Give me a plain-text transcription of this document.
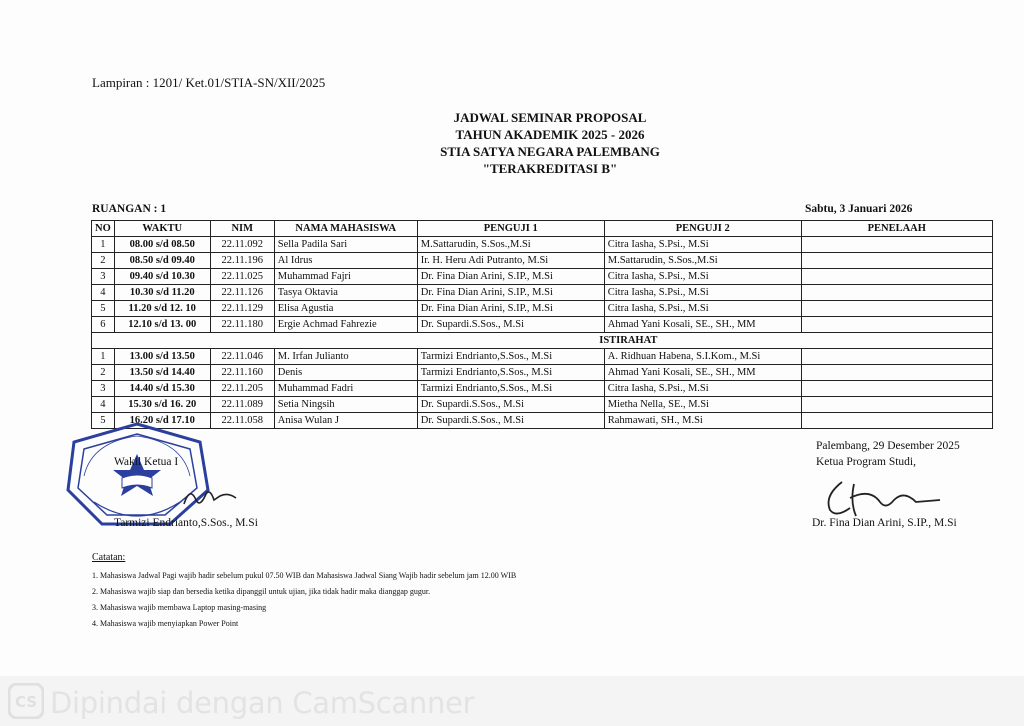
Lampiran : 1201/ Ket.01/STIA-SN/XII/2025
JADWAL SEMINAR PROPOSAL
TAHUN AKADEMIK 2025 - 2026
STIA SATYA NEGARA PALEMBANG
"TERAKREDITASI B"
RUANGAN : 1	Sabtu, 3 Januari 2026
NO	WAKTU	NIM	NAMA MAHASISWA	PENGUJI 1	PENGUJI 2	PENELAAH
1	08.00 s/d 08.50	22.11.092	Sella Padila Sari	M.Sattarudin, S.Sos.,M.Si	Citra Iasha, S.Psi., M.Si	
2	08.50 s/d 09.40	22.11.196	Al Idrus	Ir. H. Heru Adi Putranto, M.Si	M.Sattarudin, S.Sos.,M.Si	
3	09.40 s/d 10.30	22.11.025	Muhammad Fajri	Dr. Fina Dian Arini, S.IP., M.Si	Citra Iasha, S.Psi., M.Si	
4	10.30 s/d 11.20	22.11.126	Tasya Oktavia	Dr. Fina Dian Arini, S.IP., M.Si	Citra Iasha, S.Psi., M.Si	
5	11.20 s/d 12. 10	22.11.129	Elisa Agustia	Dr. Fina Dian Arini, S.IP., M.Si	Citra Iasha, S.Psi., M.Si	
6	12.10 s/d 13. 00	22.11.180	Ergie Achmad Fahrezie	Dr. Supardi.S.Sos., M.Si	Ahmad Yani Kosali, SE., SH., MM	
				ISTIRAHAT		
1	13.00 s/d 13.50	22.11.046	M. Irfan Julianto	Tarmizi Endrianto,S.Sos., M.Si	A. Ridhuan Habena, S.I.Kom., M.Si	
2	13.50 s/d 14.40	22.11.160	Denis	Tarmizi Endrianto,S.Sos., M.Si	Ahmad Yani Kosali, SE., SH., MM	
3	14.40 s/d 15.30	22.11.205	Muhammad Fadri	Tarmizi Endrianto,S.Sos., M.Si	Citra Iasha, S.Psi., M.Si	
4	15.30 s/d 16. 20	22.11.089	Setia Ningsih	Dr. Supardi.S.Sos., M.Si	Mietha Nella, SE., M.Si	
5	16.20 s/d 17.10	22.11.058	Anisa Wulan J	Dr. Supardi.S.Sos., M.Si	Rahmawati, SH., M.Si	
Wakil Ketua I
Tarmizi Endrianto,S.Sos., M.Si
Palembang, 29 Desember 2025
Ketua Program Studi,
Dr. Fina Dian Arini, S.IP., M.Si
Catatan:
1. Mahasiswa Jadwal Pagi wajib hadir sebelum pukul 07.50 WIB dan Mahasiswa Jadwal Siang Wajib hadir sebelum jam 12.00 WIB
2. Mahasiswa wajib siap dan bersedia ketika dipanggil untuk ujian, jika tidak hadir maka dianggap gugur.
3. Mahasiswa wajib membawa Laptop masing-masing
4. Mahasiswa wajib menyiapkan Power Point
CS Dipindai dengan CamScanner
